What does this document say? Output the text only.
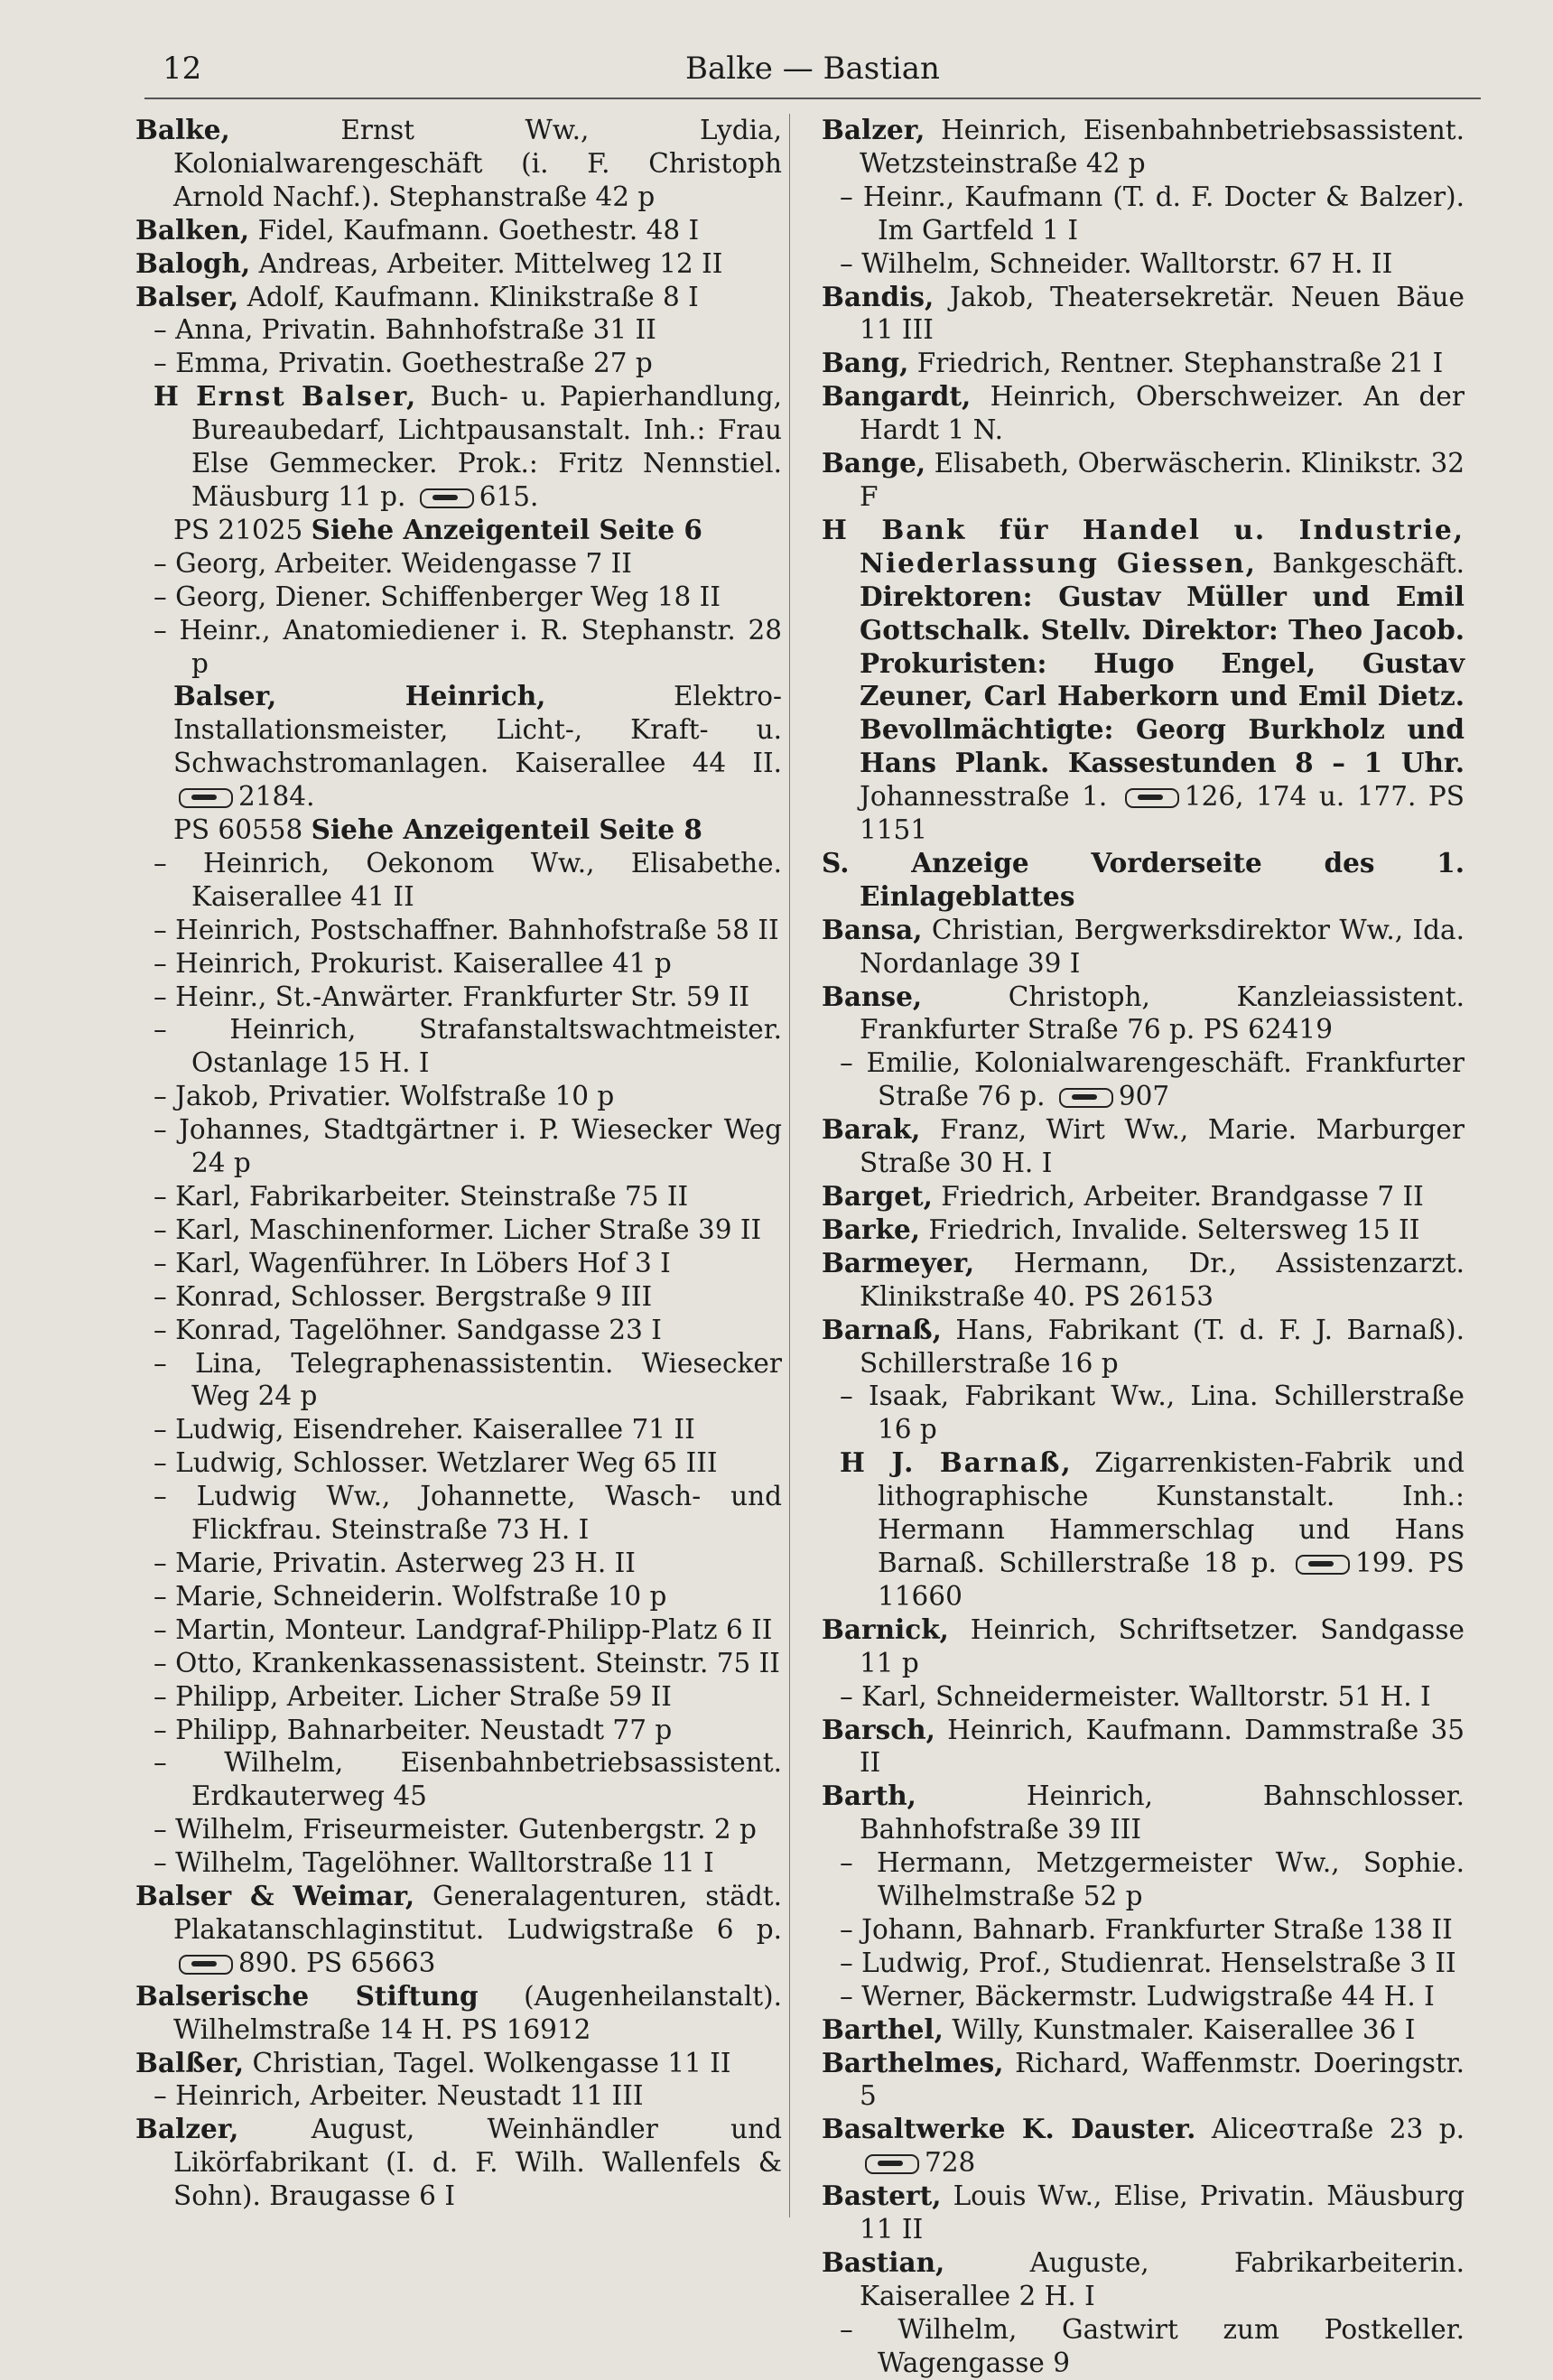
12	Balke — Bastian

Balke,	Ernst Ww., Lydia, Kolonialwarengeschäft (i. F. Christoph Arnold Nachf.). Stephanstraße 42 p

Balken, Fidel, Kaufmann. Goethestr. 48 I

Balogh, Andreas, Arbeiter. Mittelweg 12 II

Balser, Adolf, Kaufmann. Klinikstraße 8 I

– Anna, Privatin. Bahnhofstraße 31 II

– Emma, Privatin. Goethestraße 27 p

H Ernst Balser, Buch- u. Papierhandlung, Bureaubedarf, Lichtpausanstalt. Inh.: Frau Else Gemmecker. Prok.: Fritz Nennstiel. Mäusburg 11 p.	615.

PS 21025 Siehe Anzeigenteil Seite 6

– Georg, Arbeiter. Weidengasse 7 II

– Georg, Diener. Schiffenberger Weg 18 II

– Heinr., Anatomiediener i. R. Stephanstr. 28 p

Balser, Heinrich,	Elektro-Installationsmeister, Licht-, Kraft- u. Schwachstromanlagen. Kaiserallee 44 II. 2184.

PS 60558 Siehe Anzeigenteil Seite 8

– Heinrich, Oekonom Ww., Elisabethe. Kaiserallee 41 II

– Heinrich, Postschaffner. Bahnhofstraße 58 II

– Heinrich, Prokurist. Kaiserallee 41 p

– Heinr., St.-Anwärter. Frankfurter Str. 59 II

– Heinrich, Strafanstaltswachtmeister. Ostanlage 15 H. I

– Jakob, Privatier. Wolfstraße 10 p

– Johannes, Stadtgärtner i. P. Wiesecker Weg 24 p

– Karl, Fabrikarbeiter. Steinstraße 75 II

– Karl, Maschinenformer. Licher Straße 39 II

– Karl, Wagenführer. In Löbers Hof 3 I

– Konrad, Schlosser. Bergstraße 9 III

– Konrad, Tagelöhner. Sandgasse 23 I

– Lina, Telegraphenassistentin. Wiesecker Weg 24 p

– Ludwig, Eisendreher. Kaiserallee 71 II

– Ludwig, Schlosser. Wetzlarer Weg 65 III

– Ludwig Ww., Johannette, Wasch- und Flickfrau. Steinstraße 73 H. I

– Marie, Privatin. Asterweg 23 H. II

– Marie, Schneiderin. Wolfstraße 10 p

– Martin, Monteur. Landgraf-Philipp-Platz 6 II

– Otto, Krankenkassenassistent. Steinstr. 75 II

– Philipp, Arbeiter. Licher Straße 59 II

– Philipp, Bahnarbeiter. Neustadt 77 p

– Wilhelm, Eisenbahnbetriebsassistent. Erdkauterweg 45

– Wilhelm, Friseurmeister. Gutenbergstr. 2 p

– Wilhelm, Tagelöhner. Walltorstraße 11 I

Balser & Weimar, Generalagenturen, städt. Plakatanschlaginstitut. Ludwigstraße 6 p. 890. PS 65663

Balserische Stiftung (Augenheilanstalt). Wilhelmstraße 14 H. PS 16912

Balßer, Christian, Tagel. Wolkengasse 11 II

– Heinrich, Arbeiter. Neustadt 11 III

Balzer,	August, Weinhändler und Likörfabrikant (I. d. F. Wilh. Wallenfels & Sohn). Braugasse 6 I

Balzer, Heinrich, Eisenbahnbetriebsassistent. Wetzsteinstraße 42 p

– Heinr., Kaufmann (T. d. F. Docter & Balzer). Im Gartfeld 1 I

– Wilhelm, Schneider. Walltorstr. 67 H. II

Bandis, Jakob, Theatersekretär. Neuen Bäue 11 III

Bang, Friedrich, Rentner. Stephanstraße 21 I

Bangardt, Heinrich, Oberschweizer. An der Hardt 1 N.

Bange, Elisabeth, Oberwäscherin. Klinikstr. 32 F

H Bank für Handel u. Industrie, Niederlassung Giessen, Bankgeschäft. Direktoren: Gustav Müller und Emil Gottschalk. Stellv. Direktor: Theo Jacob. Prokuristen: Hugo Engel, Gustav Zeuner, Carl Haberkorn und Emil Dietz. Bevollmächtigte: Georg Burkholz und Hans Plank. Kassestunden 8 – 1 Uhr. Johannesstraße 1.	126, 174 u. 177. PS 1151

S. Anzeige Vorderseite des 1. Einlageblattes

Bansa, Christian, Bergwerksdirektor Ww., Ida. Nordanlage 39 I

Banse,	Christoph, Kanzleiassistent. Frankfurter Straße 76 p. PS 62419

– Emilie, Kolonialwarengeschäft. Frankfurter Straße 76 p.	907

Barak, Franz, Wirt Ww., Marie. Marburger Straße 30 H. I

Barget, Friedrich, Arbeiter. Brandgasse 7 II

Barke, Friedrich, Invalide. Seltersweg 15 II

Barmeyer, Hermann, Dr., Assistenzarzt. Klinikstraße 40. PS 26153

Barnaß, Hans, Fabrikant (T. d. F. J. Barnaß). Schillerstraße 16 p

– Isaak, Fabrikant Ww., Lina. Schillerstraße 16 p

H J. Barnaß, Zigarrenkisten-Fabrik und lithographische Kunstanstalt. Inh.: Hermann Hammerschlag und Hans Barnaß. Schillerstraße 18 p.	199. PS 11660

Barnick, Heinrich, Schriftsetzer. Sandgasse 11 p

– Karl, Schneidermeister. Walltorstr. 51 H. I

Barsch, Heinrich, Kaufmann. Dammstraße 35 II

Barth,	Heinrich, Bahnschlosser. Bahnhofstraße 39 III

– Hermann, Metzgermeister Ww., Sophie. Wilhelmstraße 52 p

– Johann, Bahnarb. Frankfurter Straße 138 II

– Ludwig, Prof., Studienrat. Henselstraße 3 II

– Werner, Bäckermstr. Ludwigstraße 44 H. I

Barthel, Willy, Kunstmaler. Kaiserallee 36 I

Barthelmes, Richard, Waffenmstr. Doeringstr. 5

Basaltwerke K. Dauster. Aliceστraße 23 p. 728

Bastert, Louis Ww., Elise, Privatin. Mäusburg 11 II

Bastian,	Auguste, Fabrikarbeiterin. Kaiserallee 2 H. I

– Wilhelm, Gastwirt zum Postkeller. Wagengasse 9
